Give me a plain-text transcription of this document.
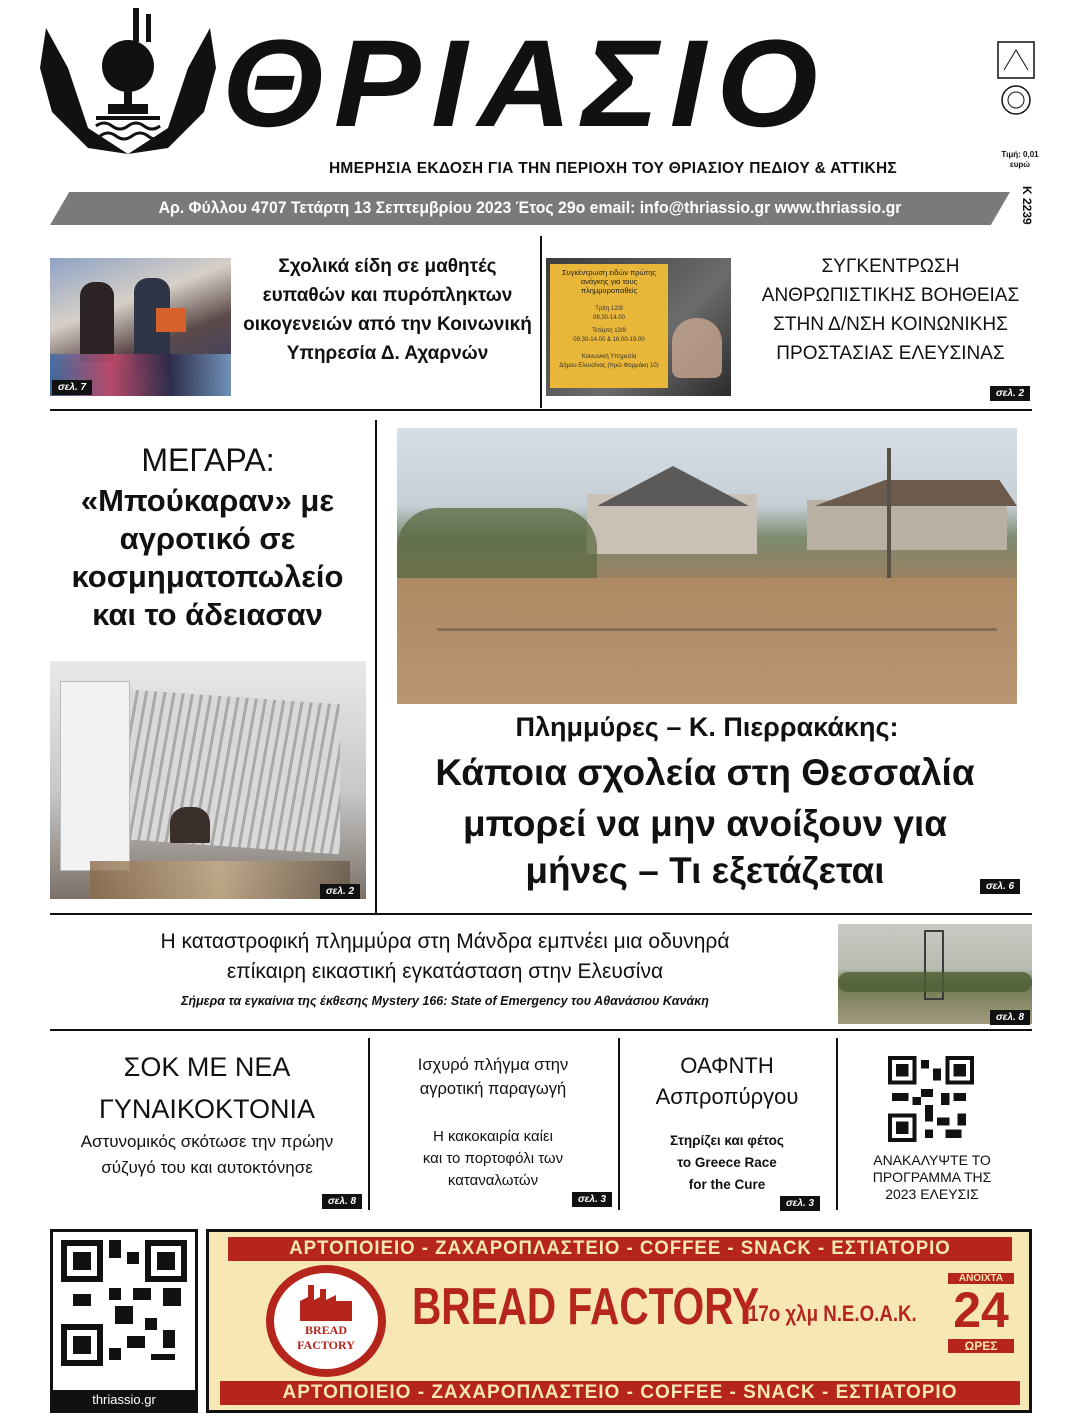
ΘΡΙΑΣΙΟ
Τιμή: 0,01 ευρώ
ΗΜΕΡΗΣΙΑ ΕΚΔΟΣΗ ΓΙΑ ΤΗΝ ΠΕΡΙΟΧΗ ΤΟΥ ΘΡΙΑΣΙΟΥ ΠΕΔΙΟΥ & ΑΤΤΙΚΗΣ
Αρ. Φύλλου 4707 Τετάρτη 13 Σεπτεμβρίου 2023 Έτος 29ο email: info@thriassio.gr www.thriassio.gr	Κ 2239
σελ. 7
Σχολικά είδη σε μαθητές ευπαθών και πυρόπληκτων οικογενειών από την Κοινωνική Υπηρεσία Δ. Αχαρνών
Συγκέντρωση ειδών πρώτης ανάγκης για τους πλημμυροπαθείς
Τρίτη 12/9
09.30-14.00
Τετάρτη 13/9
09.30-14.00 & 16.00-19.00
Κοινωνική Υπηρεσία
Δήμου Ελευσίνας (Ηρώ Φαρμάκη 10)
ΣΥΓΚΕΝΤΡΩΣΗ ΑΝΘΡΩΠΙΣΤΙΚΗΣ ΒΟΗΘΕΙΑΣ ΣΤΗΝ Δ/ΝΣΗ ΚΟΙΝΩΝΙΚΗΣ ΠΡΟΣΤΑΣΙΑΣ ΕΛΕΥΣΙΝΑΣ
σελ. 2
ΜΕΓΑΡΑ:
«Μπούκαραν» με αγροτικό σε κοσμηματοπωλείο και το άδειασαν
σελ. 2
Πλημμύρες – Κ. Πιερρακάκης:
Κάποια σχολεία στη Θεσσαλία
μπορεί να μην ανοίξουν για
μήνες – Τι εξετάζεται	σελ. 6
Η καταστροφική πλημμύρα στη Μάνδρα εμπνέει μια οδυνηρά
επίκαιρη εικαστική εγκατάσταση στην Ελευσίνα
Σήμερα τα εγκαίνια της έκθεσης Mystery 166: State of Emergency του Αθανάσιου Κανάκη
σελ. 8
ΣΟΚ ΜΕ ΝΕΑ
ΓΥΝΑΙΚΟΚΤΟΝΙΑ
Αστυνομικός σκότωσε την πρώην
σύζυγό του και αυτοκτόνησε
σελ. 8
Ισχυρό πλήγμα στην
αγροτική παραγωγή
Η κακοκαιρία καίει
και το πορτοφόλι των
καταναλωτών
σελ. 3
ΟΑΦΝΤΗ
Ασπροπύργου
Στηρίζει και φέτος
το Greece Race
for the Cure
σελ. 3
ΑΝΑΚΑΛΥΨΤΕ ΤΟ
ΠΡΟΓΡΑΜΜΑ ΤΗΣ
2023 ΕΛΕΥΣΙΣ
thriassio.gr
ΑΡΤΟΠΟΙΕΙΟ - ΖΑΧΑΡΟΠΛΑΣΤΕΙΟ - COFFEE - SNACK - ΕΣΤΙΑΤΟΡΙΟ
ΑΡΤΟΠΟΙΕΙΟ - ΖΑΧΑΡΟΠΛΑΣΤΕΙΟ - COFFEE - SNACK - ΕΣΤΙΑΤΟΡΙΟ
BREAD
FACTORY
BREAD FACTORY
17ο χλμ Ν.Ε.Ο.Α.Κ.
ΑΝΟΙΧΤΑ
24
ΩΡΕΣ
